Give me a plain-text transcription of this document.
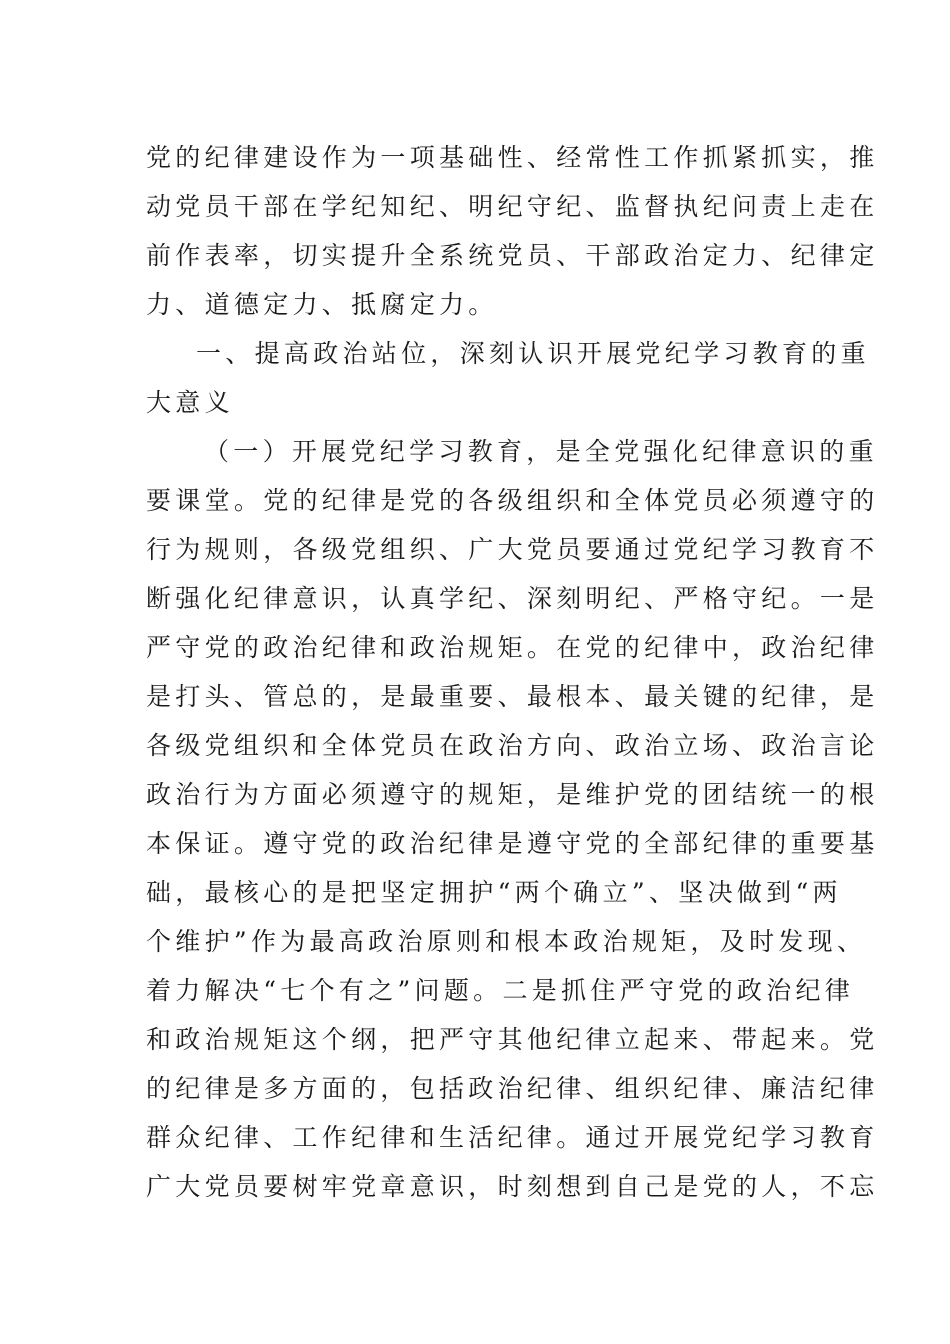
党的纪律建设作为一项基础性、经常性工作抓紧抓实，推
动党员干部在学纪知纪、明纪守纪、监督执纪问责上走在
前作表率，切实提升全系统党员、干部政治定力、纪律定
力、道德定力、抵腐定力。
一、提高政治站位，深刻认识开展党纪学习教育的重
大意义
（一）开展党纪学习教育，是全党强化纪律意识的重
要课堂。党的纪律是党的各级组织和全体党员必须遵守的
行为规则，各级党组织、广大党员要通过党纪学习教育不
断强化纪律意识，认真学纪、深刻明纪、严格守纪。一是
严守党的政治纪律和政治规矩。在党的纪律中，政治纪律
是打头、管总的，是最重要、最根本、最关键的纪律，是
各级党组织和全体党员在政治方向、政治立场、政治言论
政治行为方面必须遵守的规矩，是维护党的团结统一的根
本保证。遵守党的政治纪律是遵守党的全部纪律的重要基
础，最核心的是把坚定拥护“两个确立”、坚决做到“两
个维护”作为最高政治原则和根本政治规矩，及时发现、
着力解决“七个有之”问题。二是抓住严守党的政治纪律
和政治规矩这个纲，把严守其他纪律立起来、带起来。党
的纪律是多方面的，包括政治纪律、组织纪律、廉洁纪律
群众纪律、工作纪律和生活纪律。通过开展党纪学习教育
广大党员要树牢党章意识，时刻想到自己是党的人，不忘
